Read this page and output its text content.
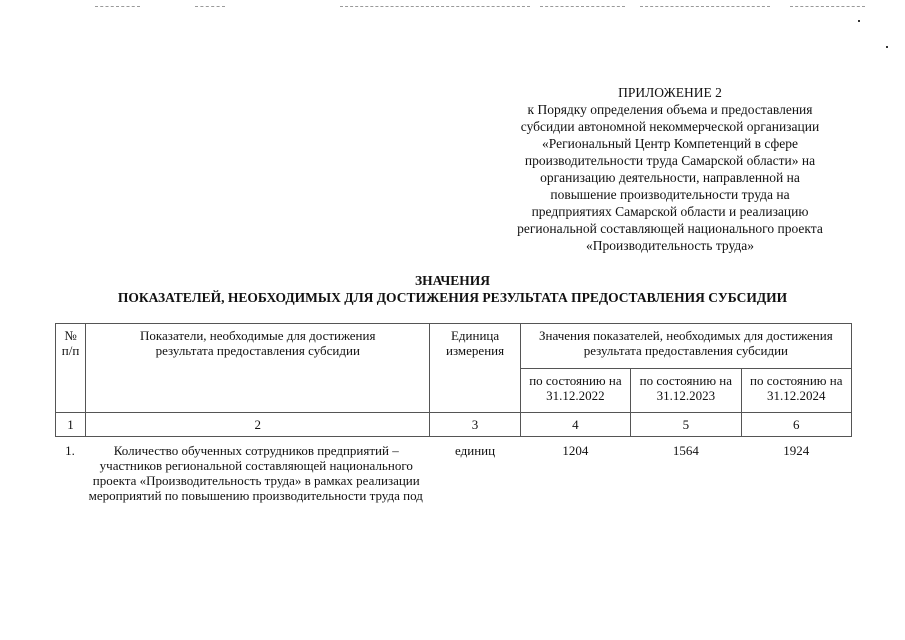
ПРИЛОЖЕНИЕ 2
к Порядку определения объема и предоставления
субсидии автономной некоммерческой организации
«Региональный Центр Компетенций в сфере
производительности труда Самарской области» на
организацию деятельности, направленной на
повышение производительности труда на
предприятиях Самарской области и реализацию
региональной составляющей национального проекта
«Производительность труда»
ЗНАЧЕНИЯ
ПОКАЗАТЕЛЕЙ, НЕОБХОДИМЫХ ДЛЯ ДОСТИЖЕНИЯ РЕЗУЛЬТАТА ПРЕДОСТАВЛЕНИЯ СУБСИДИИ
№ п/п	Показатели, необходимые для достижения результата предоставления субсидии	Единица измерения	Значения показателей, необходимых для достижения результата предоставления субсидии		
			по состоянию на 31.12.2022	по состоянию на 31.12.2023	по состоянию на 31.12.2024
1	2	3	4	5	6
1.	Количество обученных сотрудников предприятий – участников региональной составляющей национального проекта «Производительность труда» в рамках реализации мероприятий по повышению производительности труда под	единиц	1204	1564	1924
